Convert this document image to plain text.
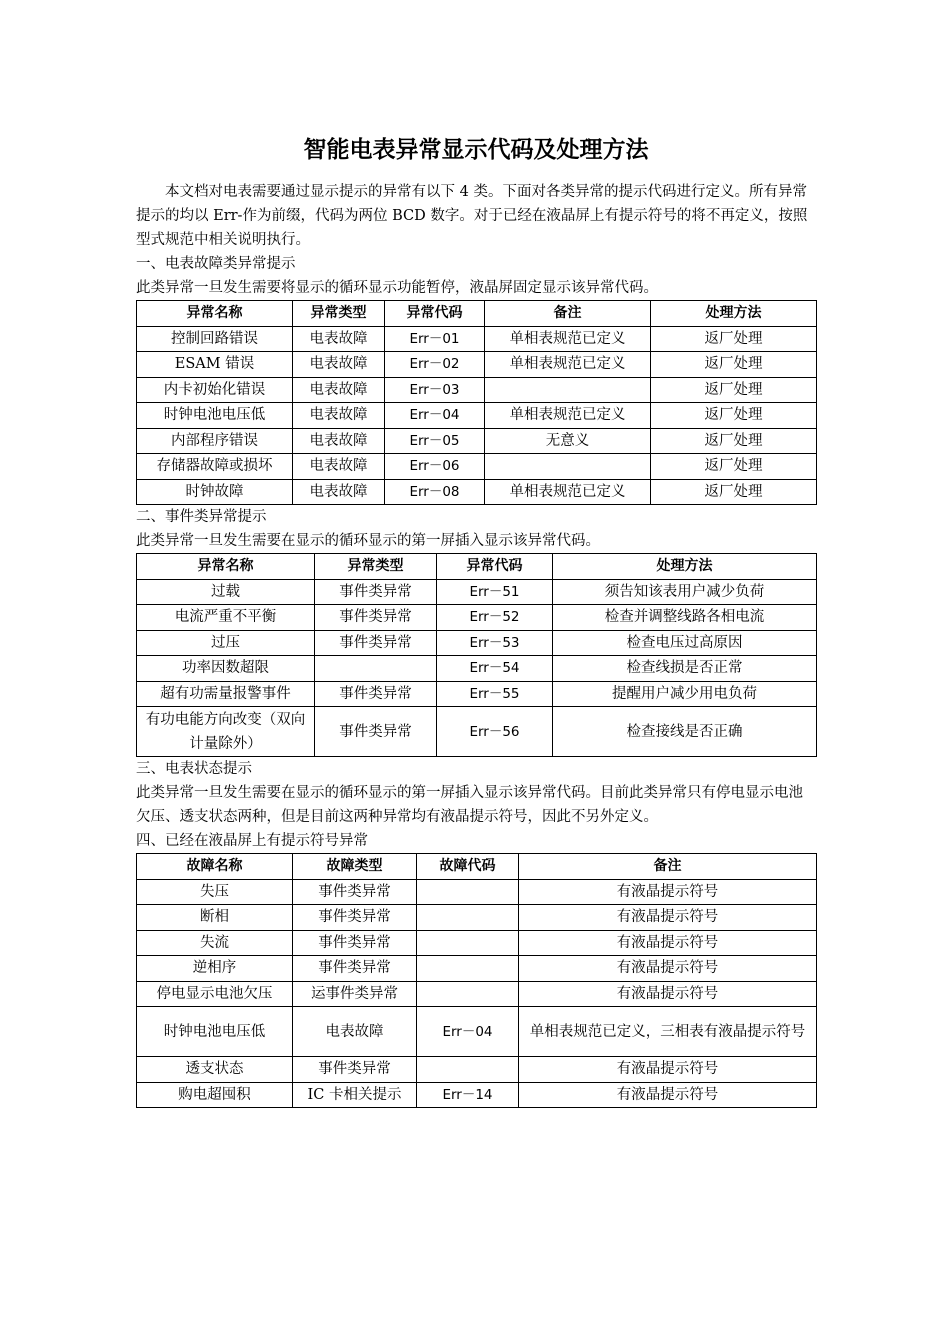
智能电表异常显示代码及处理方法

本文档对电表需要通过显示提示的异常有以下 4 类。下面对各类异常的提示代码进行定义。所有异常提示的均以 Err-作为前缀，代码为两位 BCD 数字。对于已经在液晶屏上有提示符号的将不再定义，按照型式规范中相关说明执行。

一、电表故障类异常提示

此类异常一旦发生需要将显示的循环显示功能暂停，液晶屏固定显示该异常代码。

异常名称	异常类型	异常代码	备注	处理方法
控制回路错误	电表故障	Err－01	单相表规范已定义	返厂处理
ESAM 错误	电表故障	Err－02	单相表规范已定义	返厂处理
内卡初始化错误	电表故障	Err－03		返厂处理
时钟电池电压低	电表故障	Err－04	单相表规范已定义	返厂处理
内部程序错误	电表故障	Err－05	无意义	返厂处理
存储器故障或损坏	电表故障	Err－06		返厂处理
时钟故障	电表故障	Err－08	单相表规范已定义	返厂处理

二、事件类异常提示

此类异常一旦发生需要在显示的循环显示的第一屏插入显示该异常代码。

异常名称	异常类型	异常代码	处理方法
过载	事件类异常	Err－51	须告知该表用户减少负荷
电流严重不平衡	事件类异常	Err－52	检查并调整线路各相电流
过压	事件类异常	Err－53	检查电压过高原因
功率因数超限		Err－54	检查线损是否正常
超有功需量报警事件	事件类异常	Err－55	提醒用户减少用电负荷
有功电能方向改变（双向计量除外）	事件类异常	Err－56	检查接线是否正确

三、电表状态提示

此类异常一旦发生需要在显示的循环显示的第一屏插入显示该异常代码。目前此类异常只有停电显示电池欠压、透支状态两种，但是目前这两种异常均有液晶提示符号，因此不另外定义。

四、已经在液晶屏上有提示符号异常

故障名称	故障类型	故障代码	备注
失压	事件类异常		有液晶提示符号
断相	事件类异常		有液晶提示符号
失流	事件类异常		有液晶提示符号
逆相序	事件类异常		有液晶提示符号
停电显示电池欠压	运事件类异常		有液晶提示符号
时钟电池电压低	电表故障	Err－04	单相表规范已定义，三相表有液晶提示符号
透支状态	事件类异常		有液晶提示符号
购电超囤积	IC 卡相关提示	Err－14	有液晶提示符号
